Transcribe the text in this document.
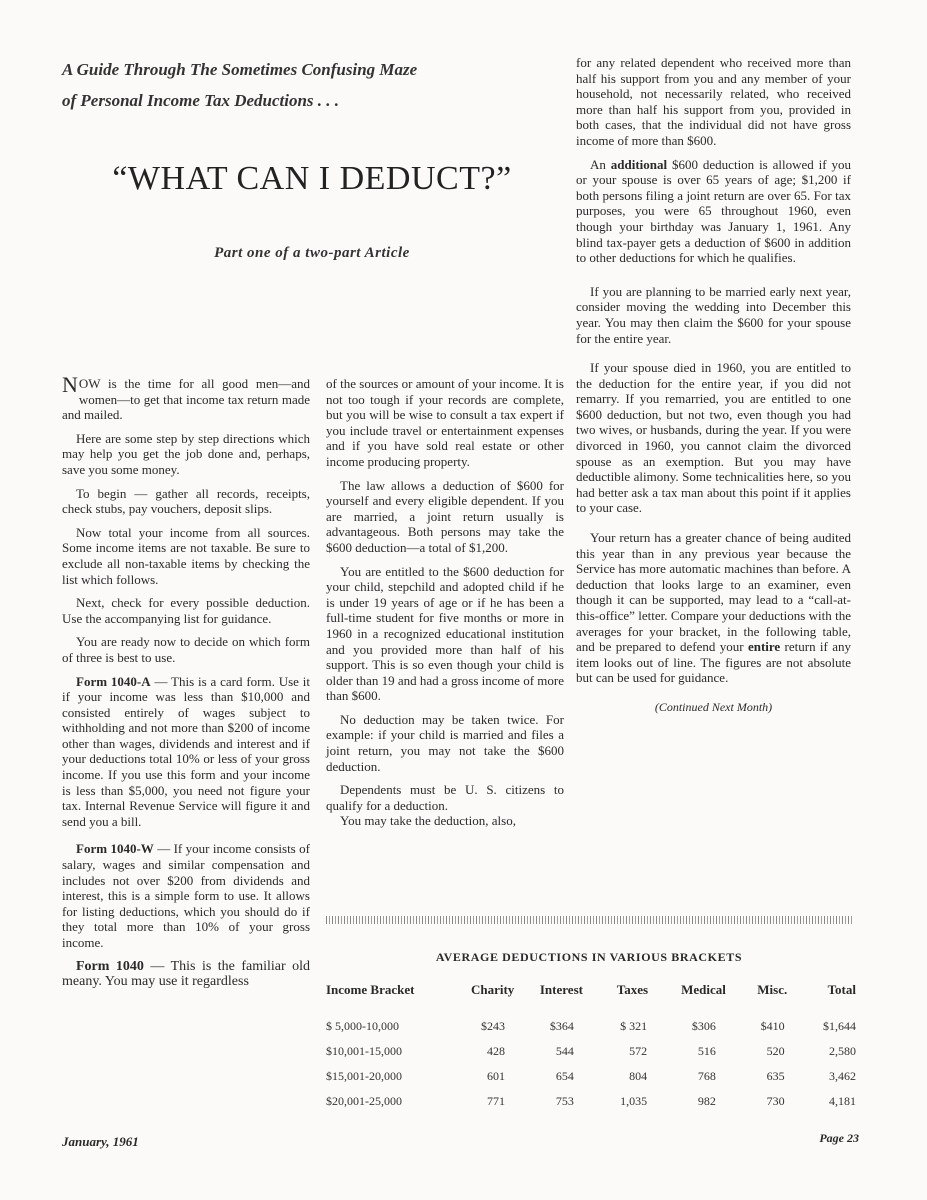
A Guide Through The Sometimes Confusing Maze
of Personal Income Tax Deductions . . .
“WHAT CAN I DEDUCT?”
Part one of a two-part Article

NOW is the time for all good men—and women—to get that income tax return made and mailed.

Here are some step by step directions which may help you get the job done and, perhaps, save you some money.

To begin — gather all records, receipts, check stubs, pay vouchers, deposit slips.

Now total your income from all sources. Some income items are not taxable. Be sure to exclude all non-taxable items by checking the list which follows.

Next, check for every possible deduction. Use the accompanying list for guidance.

You are ready now to decide on which form of three is best to use.

Form 1040-A — This is a card form. Use it if your income was less than $10,000 and consisted entirely of wages subject to withholding and not more than $200 of income other than wages, dividends and interest and if your deductions total 10% or less of your gross income. If you use this form and your income is less than $5,000, you need not figure your tax. Internal Revenue Service will figure it and send you a bill.

Form 1040-W — If your income consists of salary, wages and similar compensation and includes not over $200 from dividends and interest, this is a simple form to use. It allows for listing deductions, which you should do if they total more than 10% of your gross income.

Form 1040 — This is the familiar old meany. You may use it regardless

of the sources or amount of your income. It is not too tough if your records are complete, but you will be wise to consult a tax expert if you include travel or entertainment expenses and if you have sold real estate or other income producing property.

The law allows a deduction of $600 for yourself and every eligible dependent. If you are married, a joint return usually is advantageous. Both persons may take the $600 deduction—a total of $1,200.

You are entitled to the $600 deduction for your child, stepchild and adopted child if he is under 19 years of age or if he has been a full-time student for five months or more in 1960 in a recognized educational institution and you provided more than half of his support. This is so even though your child is older than 19 and had a gross income of more than $600.

No deduction may be taken twice. For example: if your child is married and files a joint return, you may not take the $600 deduction.

Dependents must be U. S. citizens to qualify for a deduction.

You may take the deduction, also,

for any related dependent who received more than half his support from you and any member of your household, not necessarily related, who received more than half his support from you, provided in both cases, that the individual did not have gross income of more than $600.

An additional $600 deduction is allowed if you or your spouse is over 65 years of age; $1,200 if both persons filing a joint return are over 65. For tax purposes, you were 65 throughout 1960, even though your birthday was January 1, 1961. Any blind tax-payer gets a deduction of $600 in addition to other deductions for which he qualifies.

If you are planning to be married early next year, consider moving the wedding into December this year. You may then claim the $600 for your spouse for the entire year.

If your spouse died in 1960, you are entitled to the deduction for the entire year, if you did not remarry. If you remarried, you are entitled to one $600 deduction, but not two, even though you had two wives, or husbands, during the year. If you were divorced in 1960, you cannot claim the divorced spouse as an exemption. But you may have deductible alimony. Some technicalities here, so you had better ask a tax man about this point if it applies to your case.

Your return has a greater chance of being audited this year than in any previous year because the Service has more automatic machines than before. A deduction that looks large to an examiner, even though it can be supported, may lead to a “call-at-this-office” letter. Compare your deductions with the averages for your bracket, in the following table, and be prepared to defend your entire return if any item looks out of line. The figures are not absolute but can be used for guidance.

(Continued Next Month)

AVERAGE DEDUCTIONS IN VARIOUS BRACKETS
Income Bracket	Charity	Interest	Taxes	Medical	Misc.	Total
$ 5,000-10,000	$243	$364	$ 321	$306	$410	$1,644
$10,001-15,000	428	544	572	516	520	2,580
$15,001-20,000	601	654	804	768	635	3,462
$20,001-25,000	771	753	1,035	982	730	4,181
January, 1961	Page 23
